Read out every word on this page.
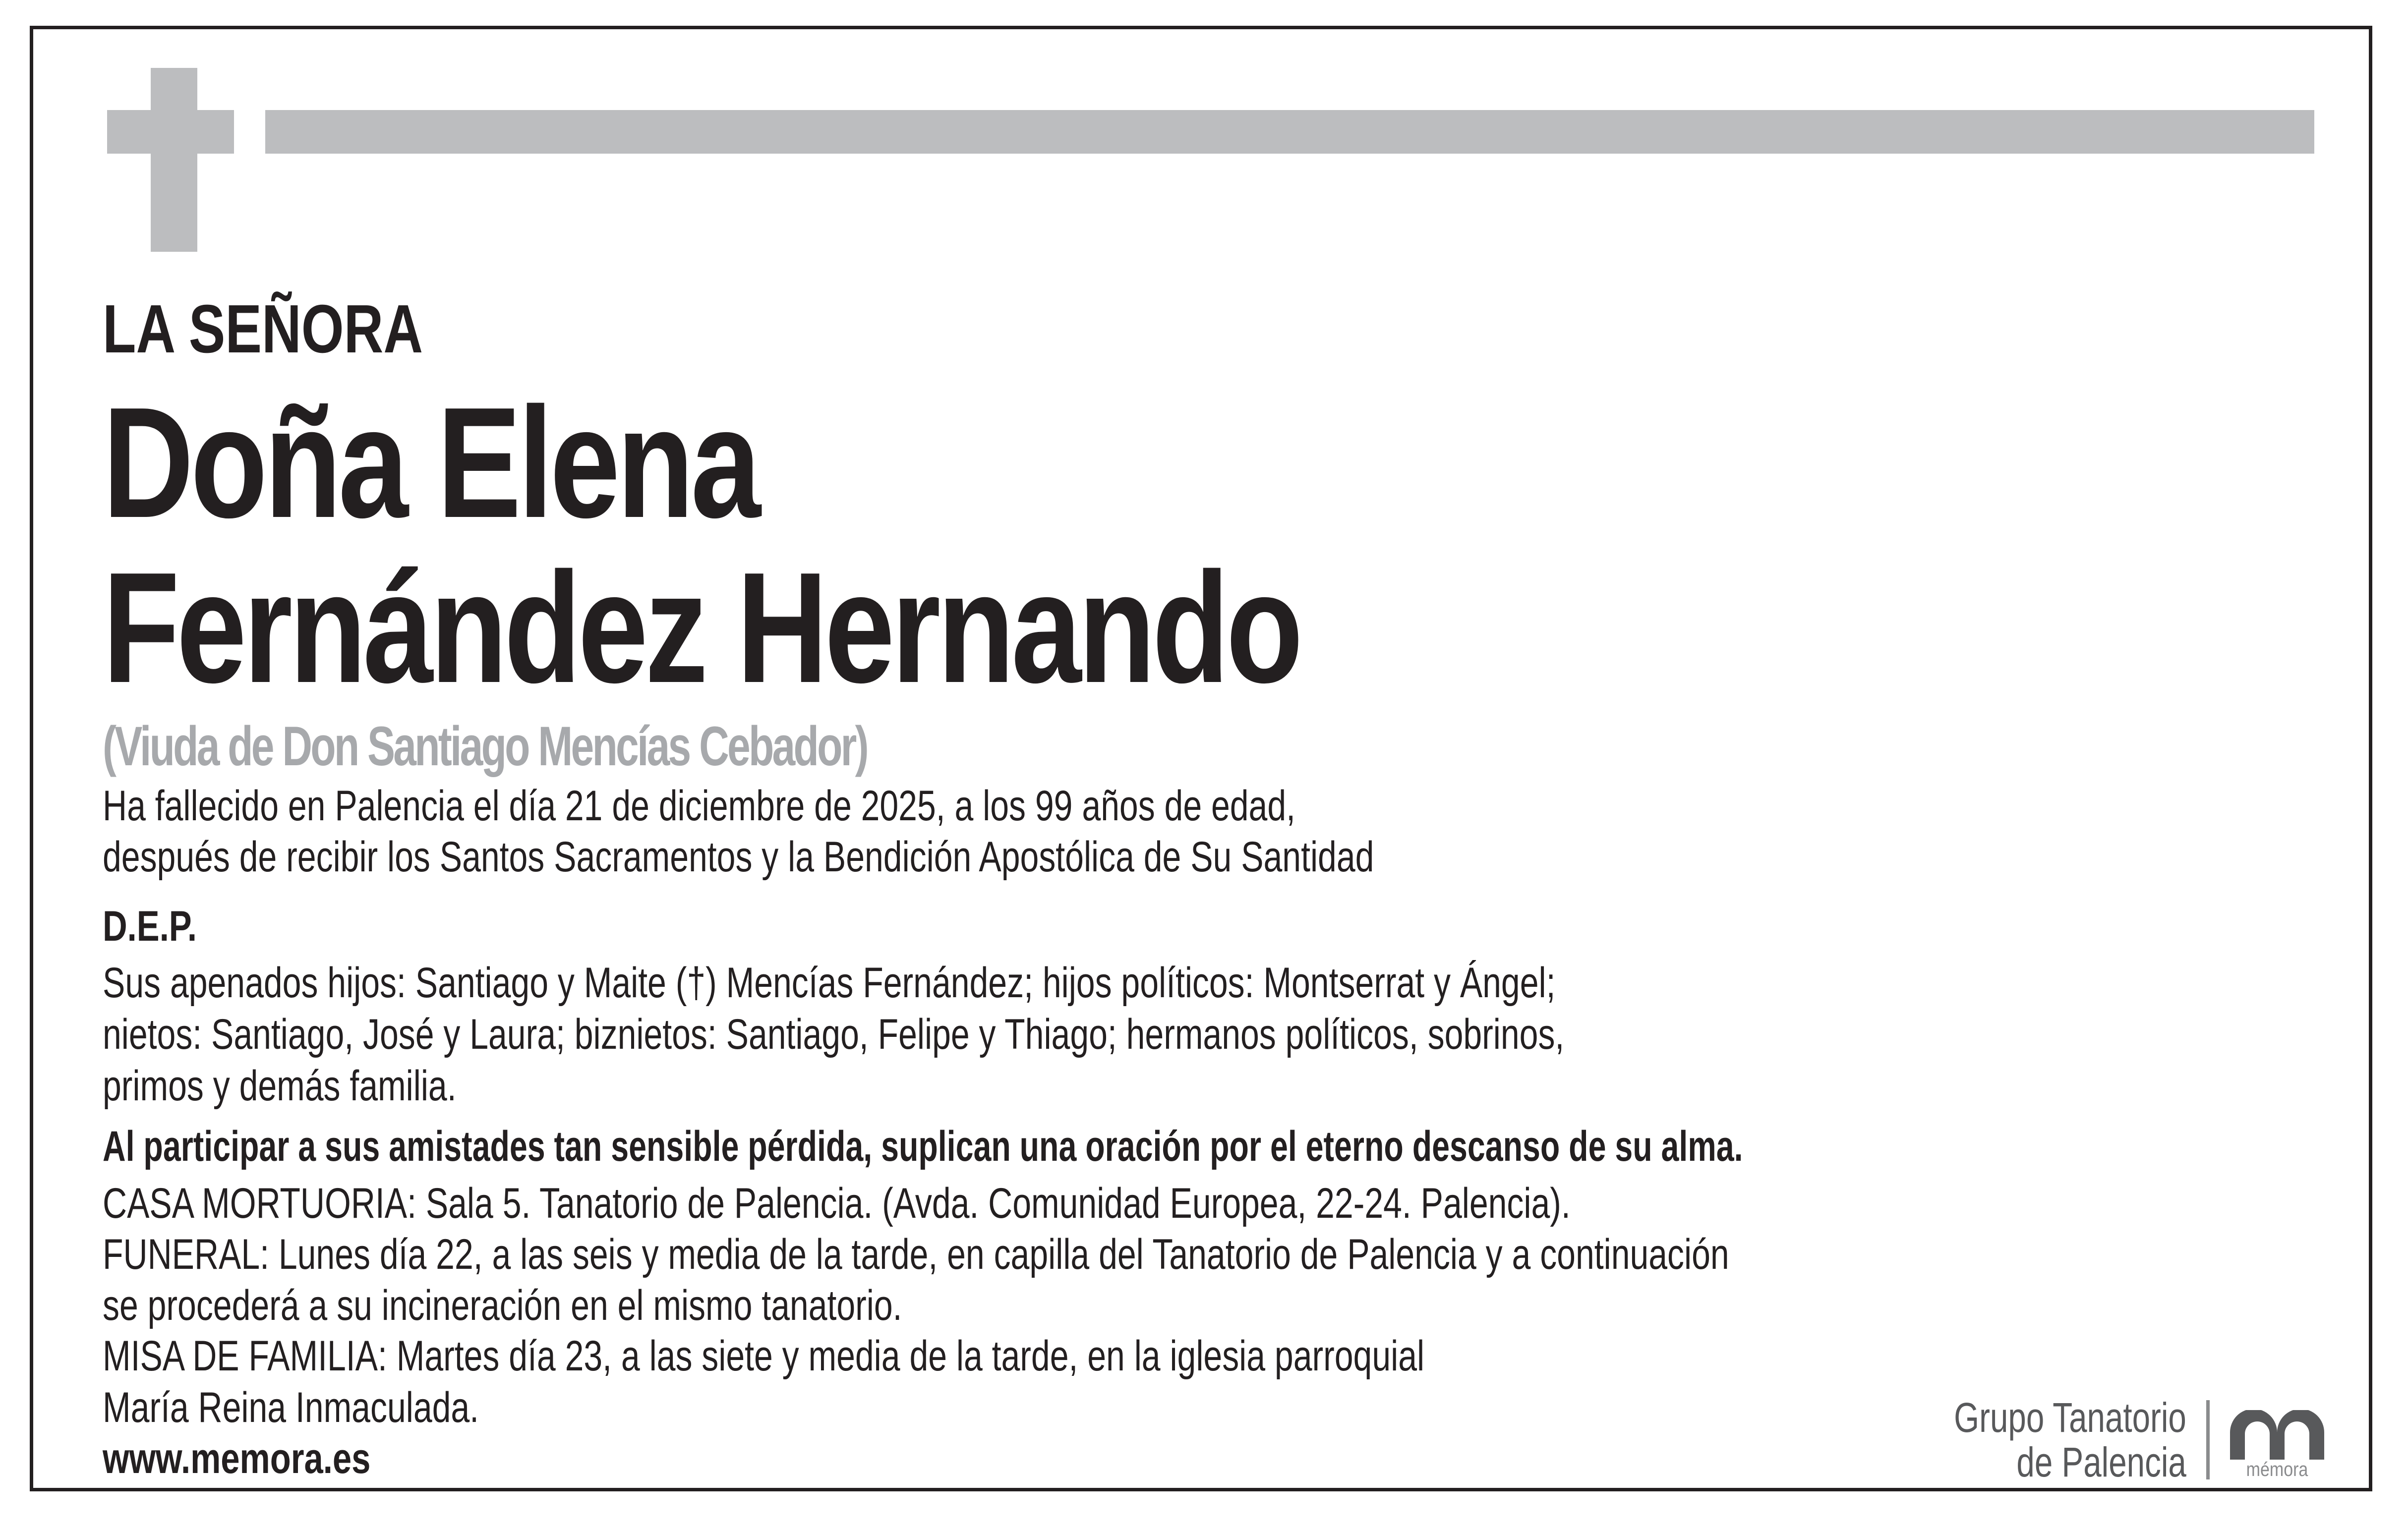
LA SEÑORA
Doña Elena
Fernández Hernando
(Viuda de Don Santiago Mencías Cebador)
Ha fallecido en Palencia el día 21 de diciembre de 2025, a los 99 años de edad,
después de recibir los Santos Sacramentos y la Bendición Apostólica de Su Santidad
D.E.P.
Sus apenados hijos: Santiago y Maite (†) Mencías Fernández; hijos políticos: Montserrat y Ángel;
nietos: Santiago, José y Laura; biznietos: Santiago, Felipe y Thiago; hermanos políticos, sobrinos,
primos y demás familia.
Al participar a sus amistades tan sensible pérdida, suplican una oración por el eterno descanso de su alma.
CASA MORTUORIA: Sala 5. Tanatorio de Palencia. (Avda. Comunidad Europea, 22-24. Palencia).
FUNERAL: Lunes día 22, a las seis y media de la tarde, en capilla del Tanatorio de Palencia y a continuación
se procederá a su incineración en el mismo tanatorio.
MISA DE FAMILIA: Martes día 23, a las siete y media de la tarde, en la iglesia parroquial
María Reina Inmaculada.
www.memora.es
Grupo Tanatorio
de Palencia	mémora
